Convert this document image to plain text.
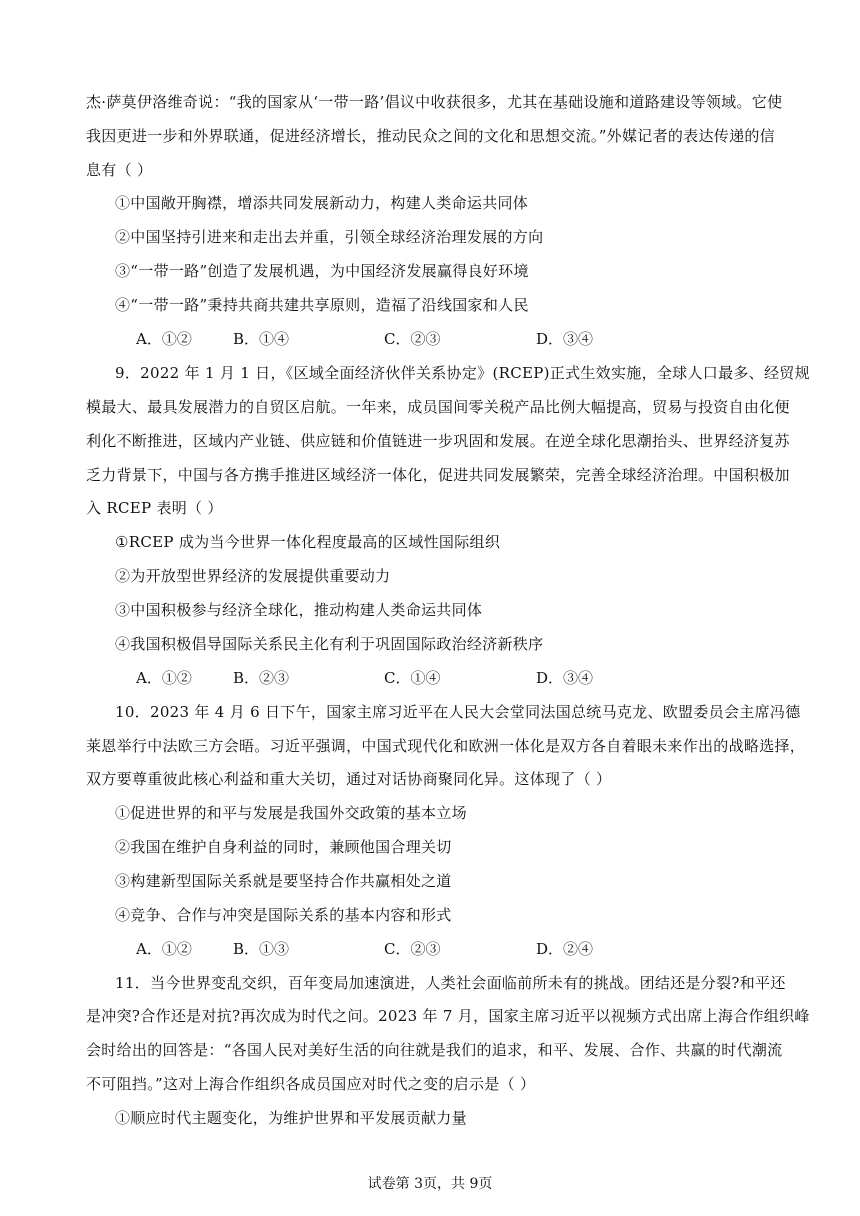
杰·萨莫伊洛维奇说：“我的国家从‘一带一路’倡议中收获很多，尤其在基础设施和道路建设等领域。它使
我因更进一步和外界联通，促进经济增长，推动民众之间的文化和思想交流。”外媒记者的表达传递的信
息有（ ）
①中国敞开胸襟，增添共同发展新动力，构建人类命运共同体
②中国坚持引进来和走出去并重，引领全球经济治理发展的方向
③“一带一路”创造了发展机遇，为中国经济发展赢得良好环境
④“一带一路”秉持共商共建共享原则，造福了沿线国家和人民
A．①②	B．①④	C．②③	D．③④
9．2022 年 1 月 1 日，《区域全面经济伙伴关系协定》(RCEP)正式生效实施，全球人口最多、经贸规
模最大、最具发展潜力的自贸区启航。一年来，成员国间零关税产品比例大幅提高，贸易与投资自由化便
利化不断推进，区域内产业链、供应链和价值链进一步巩固和发展。在逆全球化思潮抬头、世界经济复苏
乏力背景下，中国与各方携手推进区域经济一体化，促进共同发展繁荣，完善全球经济治理。中国积极加
入 RCEP 表明（ ）
①RCEP 成为当今世界一体化程度最高的区域性国际组织
②为开放型世界经济的发展提供重要动力
③中国积极参与经济全球化，推动构建人类命运共同体
④我国积极倡导国际关系民主化有利于巩固国际政治经济新秩序
A．①②	B．②③	C．①④	D．③④
10．2023 年 4 月 6 日下午，国家主席习近平在人民大会堂同法国总统马克龙、欧盟委员会主席冯德
莱恩举行中法欧三方会晤。习近平强调，中国式现代化和欧洲一体化是双方各自着眼未来作出的战略选择，
双方要尊重彼此核心利益和重大关切，通过对话协商聚同化异。这体现了（ ）
①促进世界的和平与发展是我国外交政策的基本立场
②我国在维护自身利益的同时，兼顾他国合理关切
③构建新型国际关系就是要坚持合作共赢相处之道
④竞争、合作与冲突是国际关系的基本内容和形式
A．①②	B．①③	C．②③	D．②④
11．当今世界变乱交织，百年变局加速演进，人类社会面临前所未有的挑战。团结还是分裂?和平还
是冲突?合作还是对抗?再次成为时代之问。2023 年 7 月，国家主席习近平以视频方式出席上海合作组织峰
会时给出的回答是：“各国人民对美好生活的向往就是我们的追求，和平、发展、合作、共赢的时代潮流
不可阻挡。”这对上海合作组织各成员国应对时代之变的启示是（ ）
①顺应时代主题变化，为维护世界和平发展贡献力量
试卷第 3页，共 9页
